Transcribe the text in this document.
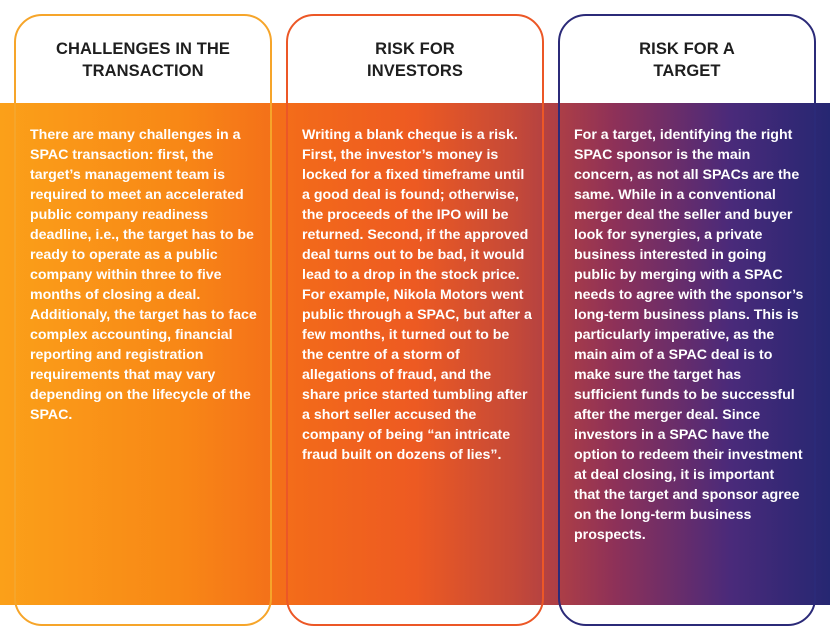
CHALLENGES IN THE
TRANSACTION
RISK FOR
INVESTORS
RISK FOR A
TARGET

There are many challenges in a SPAC transaction: first, the target’s management team is required to meet an accelerated public company readiness deadline, i.e., the target has to be ready to operate as a public company within three to five months of closing a deal. Additionaly, the target has to face complex accounting, financial reporting and registration requirements that may vary depending on the lifecycle of the SPAC.

Writing a blank cheque is a risk. First, the investor’s money is locked for a fixed timeframe until a good deal is found; otherwise, the proceeds of the IPO will be returned. Second, if the approved deal turns out to be bad, it would lead to a drop in the stock price. For example, Nikola Motors went public through a SPAC, but after a few months, it turned out to be the centre of a storm of allegations of fraud, and the share price started tumbling after a short seller accused the company of being “an intricate fraud built on dozens of lies”.

For a target, identifying the right SPAC sponsor is the main concern, as not all SPACs are the same. While in a conventional merger deal the seller and buyer look for synergies, a private business interested in going public by merging with a SPAC needs to agree with the sponsor’s long-term business plans. This is particularly imperative, as the main aim of a SPAC deal is to make sure the target has sufficient funds to be successful after the merger deal. Since investors in a SPAC have the option to redeem their investment at deal closing, it is important that the target and sponsor agree on the long-term business prospects.
